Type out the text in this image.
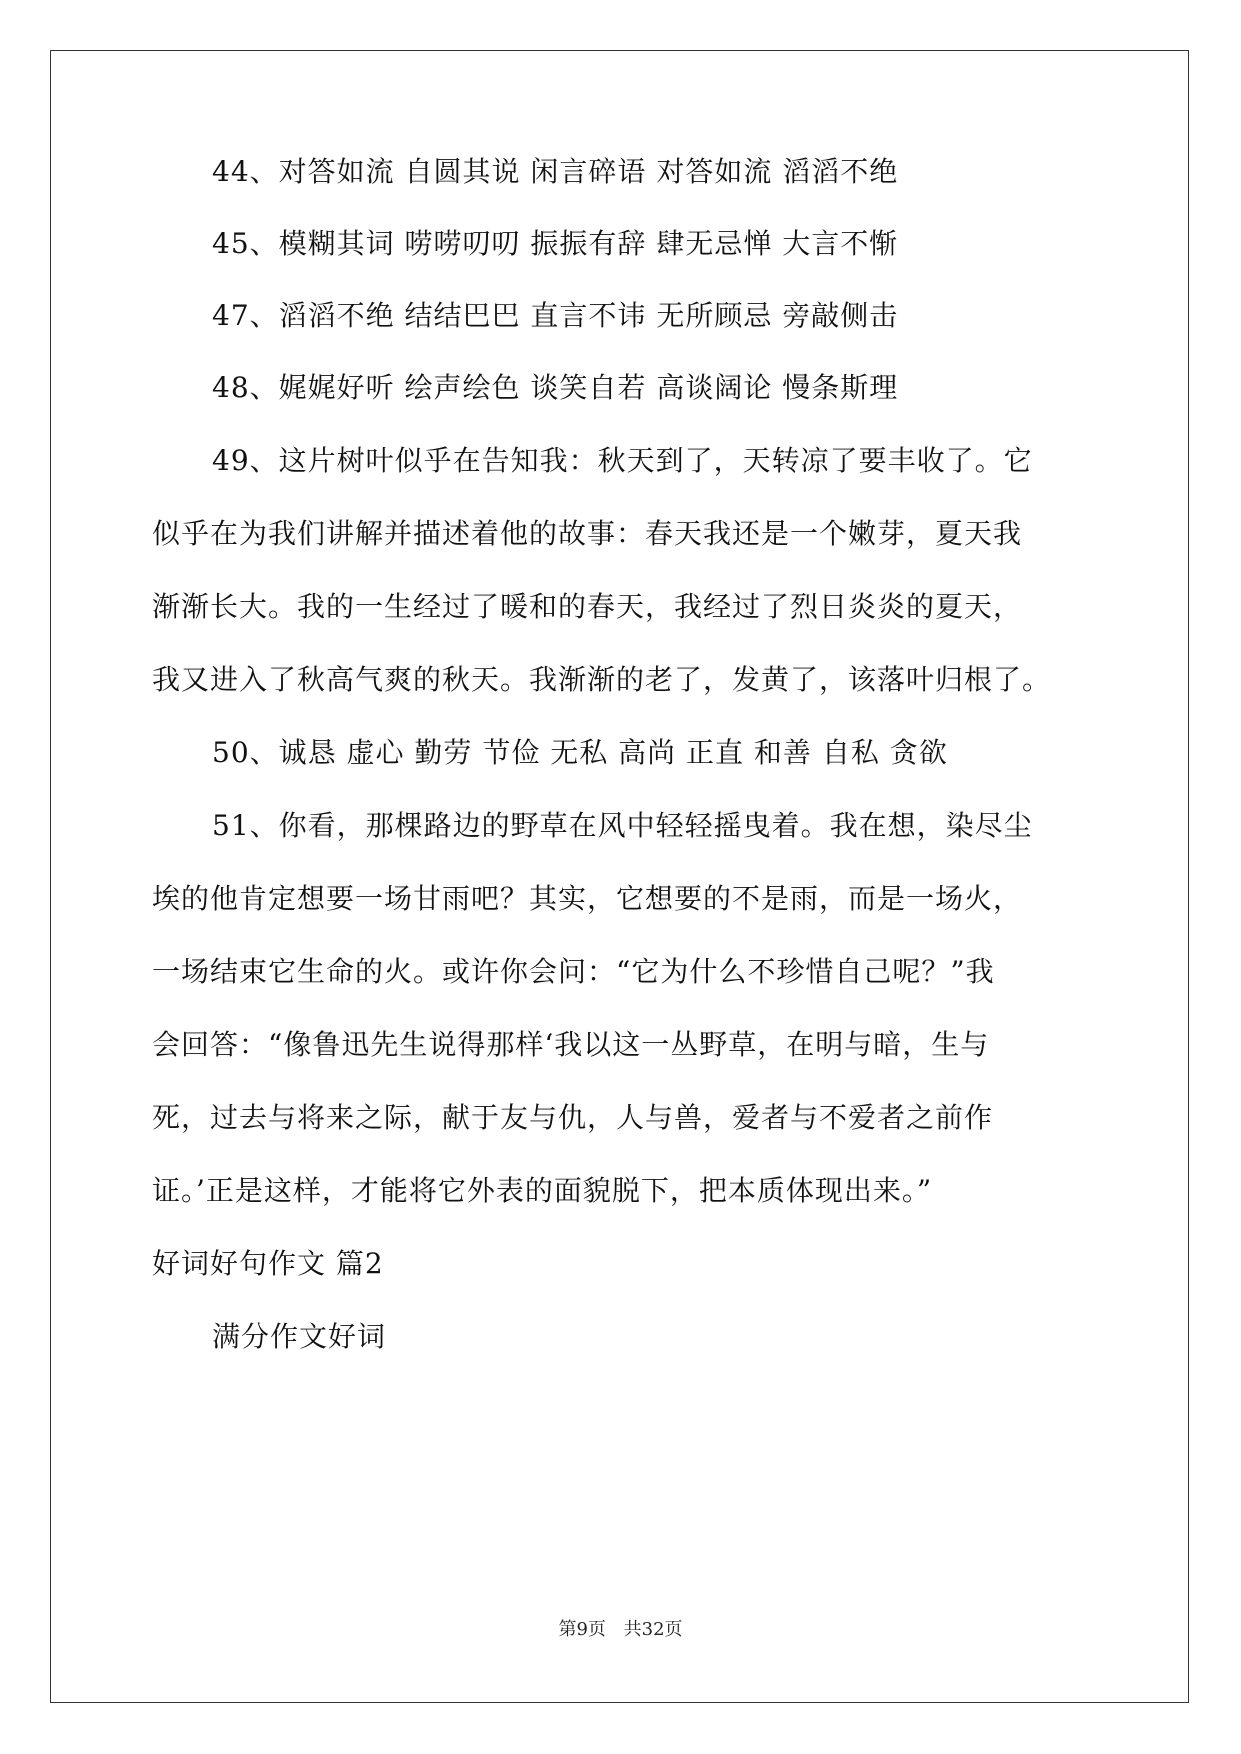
44、对答如流 自圆其说 闲言碎语 对答如流 滔滔不绝

45、模糊其词 唠唠叨叨 振振有辞 肆无忌惮 大言不惭

47、滔滔不绝 结结巴巴 直言不讳 无所顾忌 旁敲侧击

48、娓娓好听 绘声绘色 谈笑自若 高谈阔论 慢条斯理

49、这片树叶似乎在告知我：秋天到了，天转凉了要丰收了。它

似乎在为我们讲解并描述着他的故事：春天我还是一个嫩芽，夏天我

渐渐长大。我的一生经过了暖和的春天，我经过了烈日炎炎的夏天，

我又进入了秋高气爽的秋天。我渐渐的老了，发黄了，该落叶归根了。

50、诚恳 虚心 勤劳 节俭 无私 高尚 正直 和善 自私 贪欲

51、你看，那棵路边的野草在风中轻轻摇曳着。我在想，染尽尘

埃的他肯定想要一场甘雨吧？其实，它想要的不是雨，而是一场火，

一场结束它生命的火。或许你会问：“它为什么不珍惜自己呢？”我

会回答：“像鲁迅先生说得那样‘我以这一丛野草，在明与暗，生与

死，过去与将来之际，献于友与仇，人与兽，爱者与不爱者之前作

证。’正是这样，才能将它外表的面貌脱下，把本质体现出来。”

好词好句作文 篇2

满分作文好词

第9页 共32页
